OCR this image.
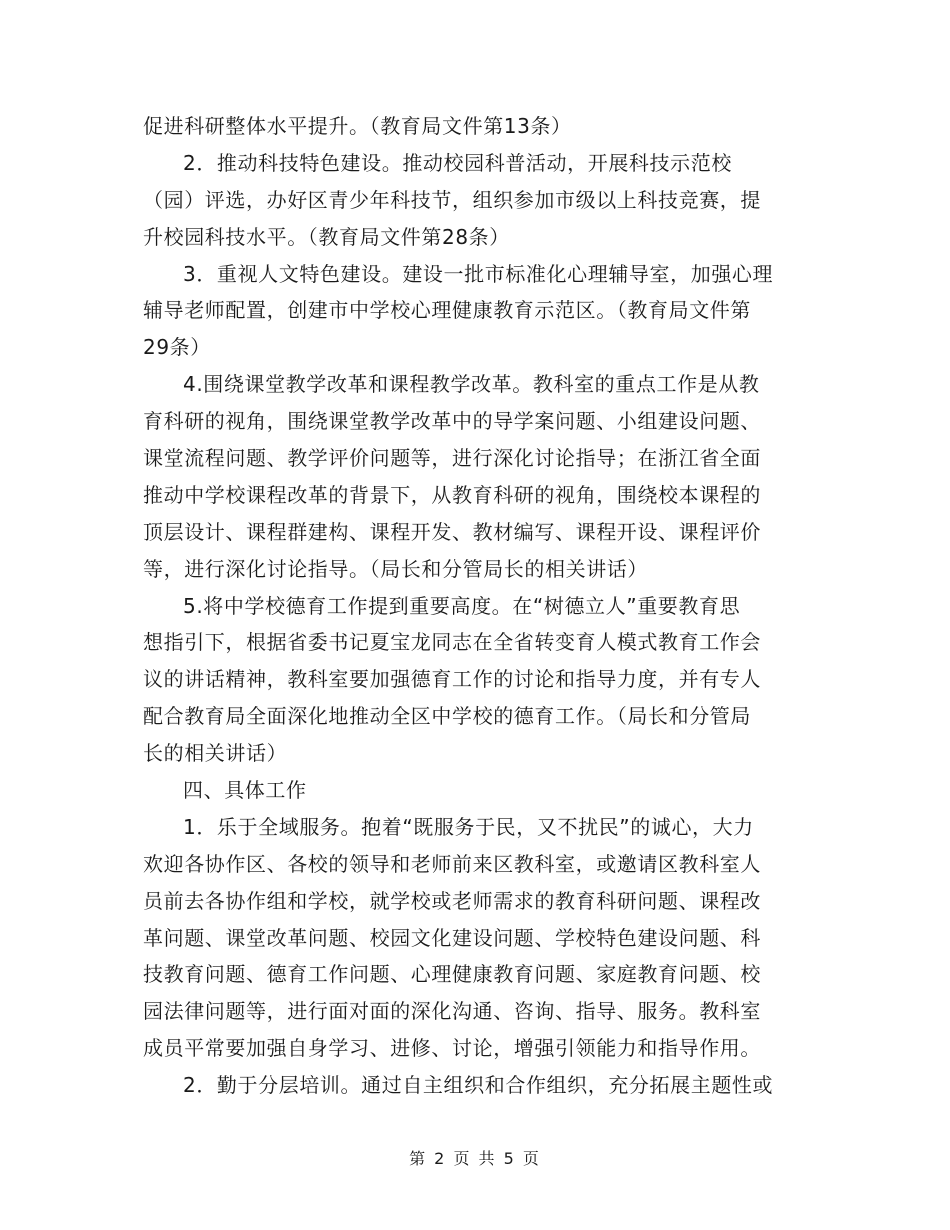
促进科研整体水平提升。（教育局文件第13条）
2．推动科技特色建设。推动校园科普活动，开展科技示范校
（园）评选，办好区青少年科技节，组织参加市级以上科技竞赛，提
升校园科技水平。（教育局文件第28条）
3．重视人文特色建设。建设一批市标准化心理辅导室，加强心理
辅导老师配置，创建市中学校心理健康教育示范区。（教育局文件第
29条）
4.围绕课堂教学改革和课程教学改革。教科室的重点工作是从教
育科研的视角，围绕课堂教学改革中的导学案问题、小组建设问题、
课堂流程问题、教学评价问题等，进行深化讨论指导；在浙江省全面
推动中学校课程改革的背景下，从教育科研的视角，围绕校本课程的
顶层设计、课程群建构、课程开发、教材编写、课程开设、课程评价
等，进行深化讨论指导。（局长和分管局长的相关讲话）
5.将中学校德育工作提到重要高度。在“树德立人”重要教育思
想指引下，根据省委书记夏宝龙同志在全省转变育人模式教育工作会
议的讲话精神，教科室要加强德育工作的讨论和指导力度，并有专人
配合教育局全面深化地推动全区中学校的德育工作。（局长和分管局
长的相关讲话）
四、具体工作
1．乐于全域服务。抱着“既服务于民，又不扰民”的诚心，大力
欢迎各协作区、各校的领导和老师前来区教科室，或邀请区教科室人
员前去各协作组和学校，就学校或老师需求的教育科研问题、课程改
革问题、课堂改革问题、校园文化建设问题、学校特色建设问题、科
技教育问题、德育工作问题、心理健康教育问题、家庭教育问题、校
园法律问题等，进行面对面的深化沟通、咨询、指导、服务。教科室
成员平常要加强自身学习、进修、讨论，增强引领能力和指导作用。
2．勤于分层培训。通过自主组织和合作组织，充分拓展主题性或
第 2 页 共 5 页
